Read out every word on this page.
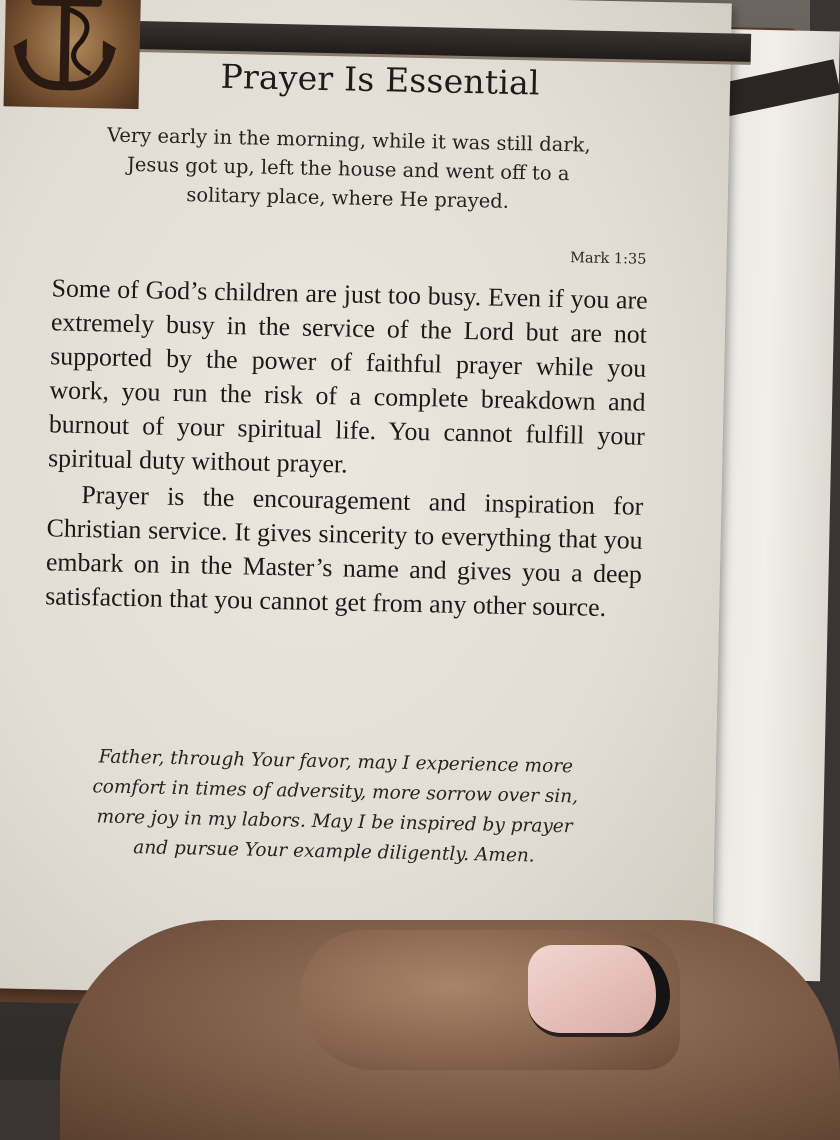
Prayer Is Essential
Very early in the morning, while it was still dark,
Jesus got up, left the house and went off to a
solitary place, where He prayed.
Mark 1:35

Some of God’s children are just too busy. Even if you are extremely busy in the service of the Lord but are not supported by the power of faithful prayer while you work, you run the risk of a complete breakdown and burnout of your spiritual life. You cannot fulfill your spiritual duty without prayer.

Prayer is the encouragement and inspiration for Christian service. It gives sincerity to everything that you embark on in the Master’s name and gives you a deep satisfaction that you cannot get from any other source.

Father, through Your favor, may I experience more
comfort in times of adversity, more sorrow over sin,
more joy in my labors. May I be inspired by prayer
and pursue Your example diligently. Amen.
